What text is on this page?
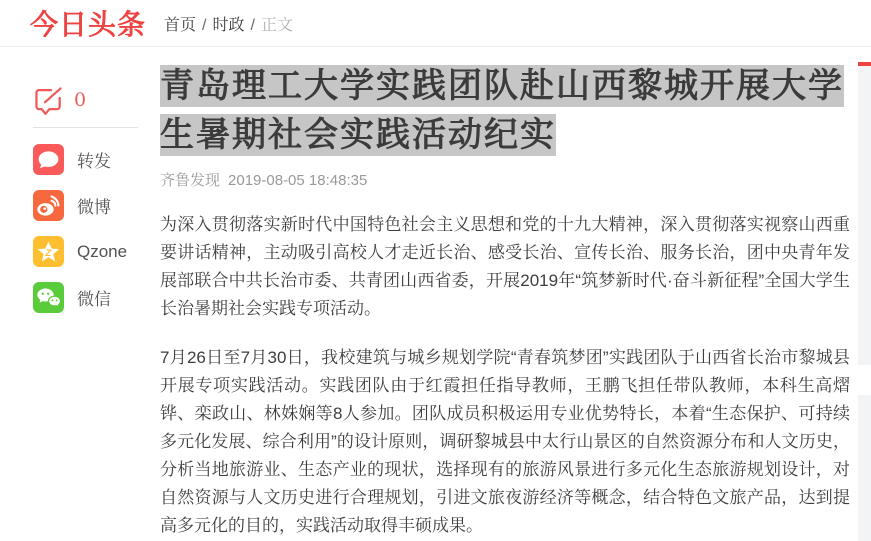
今日头条 首页 / 时政 / 正文
0
转发
微博
Z Qzone
微信
青岛理工大学实践团队赴山西黎城开展大学
生暑期社会实践活动纪实
齐鲁发现 2019-08-05 18:48:35

为深入贯彻落实新时代中国特色社会主义思想和党的十九大精神，深入贯彻落实视察山西重要讲话精神，主动吸引高校人才走近长治、感受长治、宣传长治、服务长治，团中央青年发展部联合中共长治市委、共青团山西省委，开展2019年“筑梦新时代·奋斗新征程”全国大学生长治暑期社会实践专项活动。

7月26日至7月30日，我校建筑与城乡规划学院“青春筑梦团”实践团队于山西省长治市黎城县开展专项实践活动。实践团队由于红霞担任指导教师，王鹏飞担任带队教师，本科生高熠铧、栾政山、林姝娴等8人参加。团队成员积极运用专业优势特长，本着“生态保护、可持续多元化发展、综合利用”的设计原则，调研黎城县中太行山景区的自然资源分布和人文历史，分析当地旅游业、生态产业的现状，选择现有的旅游风景进行多元化生态旅游规划设计，对自然资源与人文历史进行合理规划，引进文旅夜游经济等概念，结合特色文旅产品，达到提高多元化的目的，实践活动取得丰硕成果。
